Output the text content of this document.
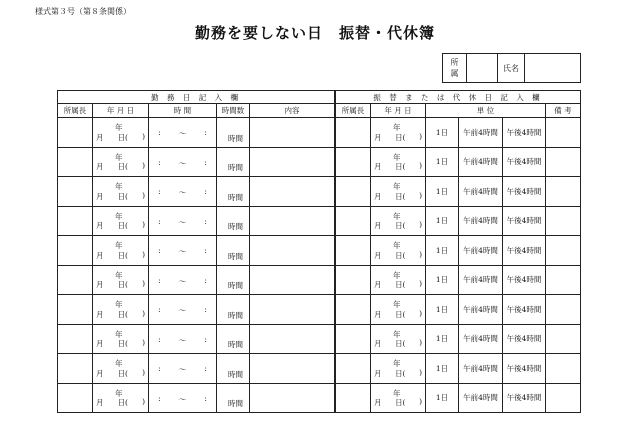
様式第３号（第８条関係）
勤務を要しない日　振替・代休簿
所属
氏名
勤 務 日 記 入 欄				
所属長	年 月 日	時 間	時間数	内容

	年
月 日( )	: 〜 :	時間	

	年
月 日( )	: 〜 :	時間	

	年
月 日( )	: 〜 :	時間	

	年
月 日( )	: 〜 :	時間	

	年
月 日( )	: 〜 :	時間	

	年
月 日( )	: 〜 :	時間	

	年
月 日( )	: 〜 :	時間	

	年
月 日( )	: 〜 :	時間	

	年
月 日( )	: 〜 :	時間	

	年
月 日( )	: 〜 :	時間	

振 替 ま た は 代 休 日 記 入 欄					
所属長	年 月 日	単 位			備 考

	年
月 日( )	1日	午前4時間	午後4時間	

	年
月 日( )	1日	午前4時間	午後4時間	

	年
月 日( )	1日	午前4時間	午後4時間	

	年
月 日( )	1日	午前4時間	午後4時間	

	年
月 日( )	1日	午前4時間	午後4時間	

	年
月 日( )	1日	午前4時間	午後4時間	

	年
月 日( )	1日	午前4時間	午後4時間	

	年
月 日( )	1日	午前4時間	午後4時間	

	年
月 日( )	1日	午前4時間	午後4時間	

	年
月 日( )	1日	午前4時間	午後4時間	
